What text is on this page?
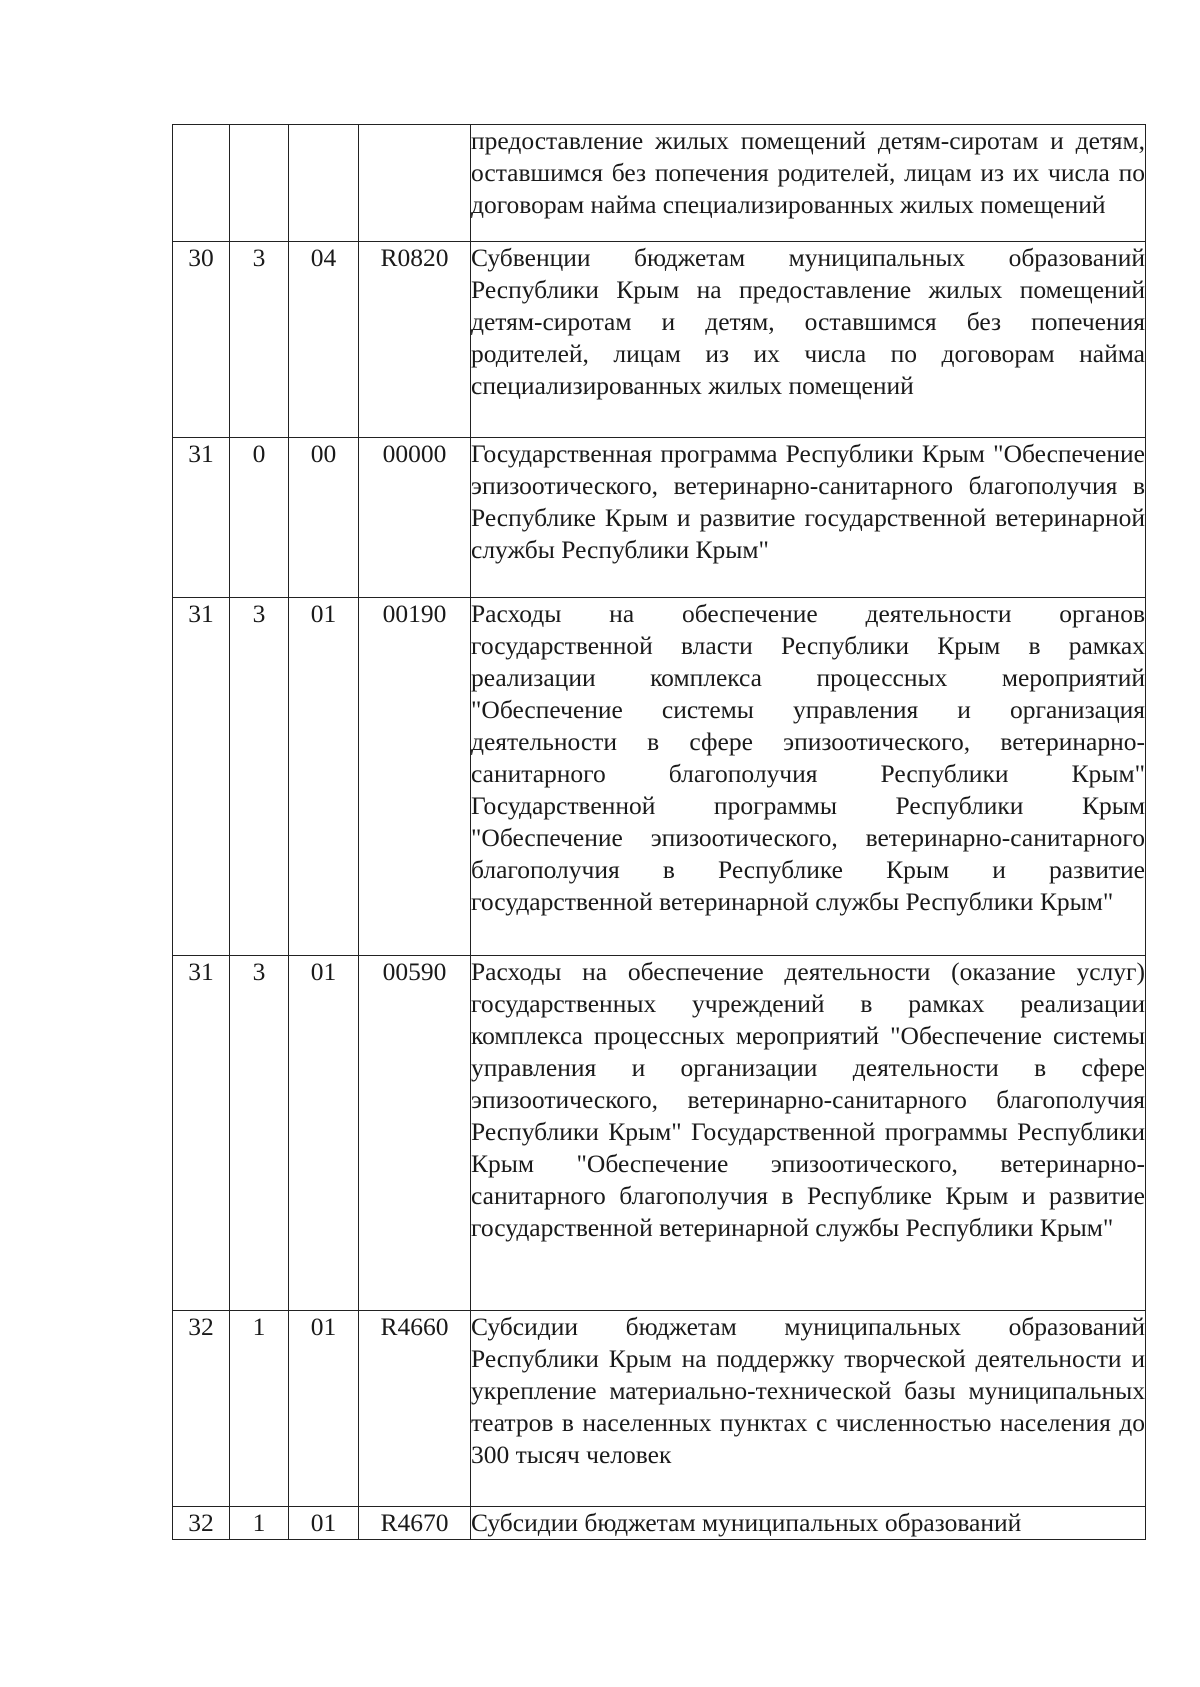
				предоставление жилых помещений детям-сиротам и детям, оставшимся без попечения родителей, лицам из их числа по договорам найма специализированных жилых помещений
30	3	04	R0820	Субвенции бюджетам муниципальных образований Республики Крым на предоставление жилых помещений детям-сиротам и детям, оставшимся без попечения родителей, лицам из их числа по договорам найма специализированных жилых помещений
31	0	00	00000	Государственная программа Республики Крым "Обеспечение эпизоотического, ветеринарно-санитарного благополучия в Республике Крым и развитие государственной ветеринарной службы Республики Крым"
31	3	01	00190	Расходы на обеспечение деятельности органов государственной власти Республики Крым в рамках реализации комплекса процессных мероприятий "Обеспечение системы управления и организация деятельности в сфере эпизоотического, ветеринарно-санитарного благополучия Республики Крым" Государственной программы Республики Крым "Обеспечение эпизоотического, ветеринарно-санитарного благополучия в Республике Крым и развитие государственной ветеринарной службы Республики Крым"
31	3	01	00590	Расходы на обеспечение деятельности (оказание услуг) государственных учреждений в рамках реализации комплекса процессных мероприятий "Обеспечение системы управления и организации деятельности в сфере эпизоотического, ветеринарно-санитарного благополучия Республики Крым" Государственной программы Республики Крым "Обеспечение эпизоотического, ветеринарно-санитарного благополучия в Республике Крым и развитие государственной ветеринарной службы Республики Крым"
32	1	01	R4660	Субсидии бюджетам муниципальных образований Республики Крым на поддержку творческой деятельности и укрепление материально-технической базы муниципальных театров в населенных пунктах с численностью населения до 300 тысяч человек
32	1	01	R4670	Субсидии бюджетам муниципальных образований
